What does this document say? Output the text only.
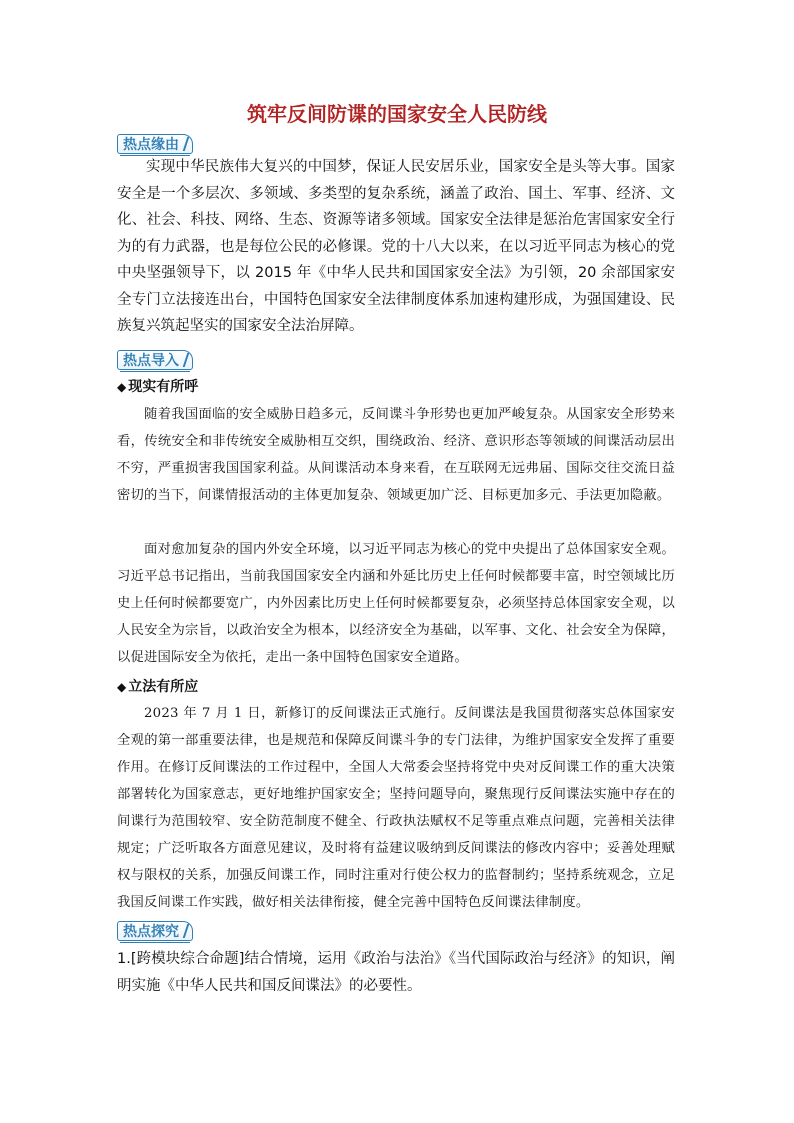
筑牢反间防谍的国家安全人民防线
热点缘由
实现中华民族伟大复兴的中国梦，保证人民安居乐业，国家安全是头等大事。国家安全是一个多层次、多领域、多类型的复杂系统，涵盖了政治、国土、军事、经济、文化、社会、科技、网络、生态、资源等诸多领域。国家安全法律是惩治危害国家安全行为的有力武器，也是每位公民的必修课。党的十八大以来，在以习近平同志为核心的党中央坚强领导下，以 2015 年《中华人民共和国国家安全法》为引领，20 余部国家安全专门立法接连出台，中国特色国家安全法律制度体系加速构建形成，为强国建设、民族复兴筑起坚实的国家安全法治屏障。
热点导入
◆ 现实有所呼
随着我国面临的安全威胁日趋多元，反间谍斗争形势也更加严峻复杂。从国家安全形势来看，传统安全和非传统安全威胁相互交织，围绕政治、经济、意识形态等领域的间谍活动层出不穷，严重损害我国国家利益。从间谍活动本身来看，在互联网无远弗届、国际交往交流日益密切的当下，间谍情报活动的主体更加复杂、领域更加广泛、目标更加多元、手法更加隐蔽。
面对愈加复杂的国内外安全环境，以习近平同志为核心的党中央提出了总体国家安全观。习近平总书记指出，当前我国国家安全内涵和外延比历史上任何时候都要丰富，时空领域比历史上任何时候都要宽广，内外因素比历史上任何时候都要复杂，必须坚持总体国家安全观，以人民安全为宗旨，以政治安全为根本，以经济安全为基础，以军事、文化、社会安全为保障，以促进国际安全为依托，走出一条中国特色国家安全道路。
◆ 立法有所应
2023 年 7 月 1 日，新修订的反间谍法正式施行。反间谍法是我国贯彻落实总体国家安全观的第一部重要法律，也是规范和保障反间谍斗争的专门法律，为维护国家安全发挥了重要作用。在修订反间谍法的工作过程中，全国人大常委会坚持将党中央对反间谍工作的重大决策部署转化为国家意志，更好地维护国家安全；坚持问题导向，聚焦现行反间谍法实施中存在的间谍行为范围较窄、安全防范制度不健全、行政执法赋权不足等重点难点问题，完善相关法律规定；广泛听取各方面意见建议，及时将有益建议吸纳到反间谍法的修改内容中；妥善处理赋权与限权的关系，加强反间谍工作，同时注重对行使公权力的监督制约；坚持系统观念，立足我国反间谍工作实践，做好相关法律衔接，健全完善中国特色反间谍法律制度。
热点探究
1.[跨模块综合命题]结合情境，运用《政治与法治》《当代国际政治与经济》的知识，阐明实施《中华人民共和国反间谍法》的必要性。
